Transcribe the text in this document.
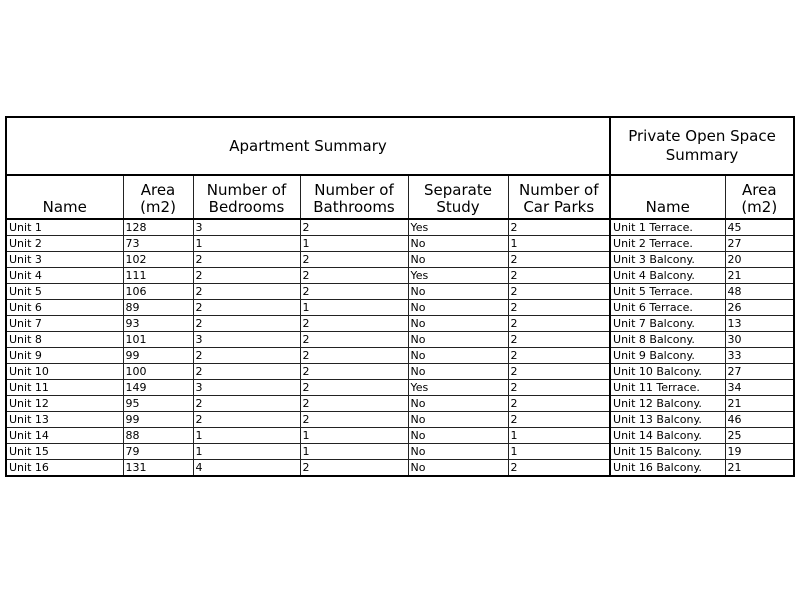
Apartment Summary						Private Open Space Summary	
Name	Area (m2)	Number of Bedrooms	Number of Bathrooms	Separate Study	Number of Car Parks	Name	Area (m2)
Unit 1	128	3	2	Yes	2	Unit 1 Terrace.	45
Unit 2	73	1	1	No	1	Unit 2 Terrace.	27
Unit 3	102	2	2	No	2	Unit 3 Balcony.	20
Unit 4	111	2	2	Yes	2	Unit 4 Balcony.	21
Unit 5	106	2	2	No	2	Unit 5 Terrace.	48
Unit 6	89	2	1	No	2	Unit 6 Terrace.	26
Unit 7	93	2	2	No	2	Unit 7 Balcony.	13
Unit 8	101	3	2	No	2	Unit 8 Balcony.	30
Unit 9	99	2	2	No	2	Unit 9 Balcony.	33
Unit 10	100	2	2	No	2	Unit 10 Balcony.	27
Unit 11	149	3	2	Yes	2	Unit 11 Terrace.	34
Unit 12	95	2	2	No	2	Unit 12 Balcony.	21
Unit 13	99	2	2	No	2	Unit 13 Balcony.	46
Unit 14	88	1	1	No	1	Unit 14 Balcony.	25
Unit 15	79	1	1	No	1	Unit 15 Balcony.	19
Unit 16	131	4	2	No	2	Unit 16 Balcony.	21
